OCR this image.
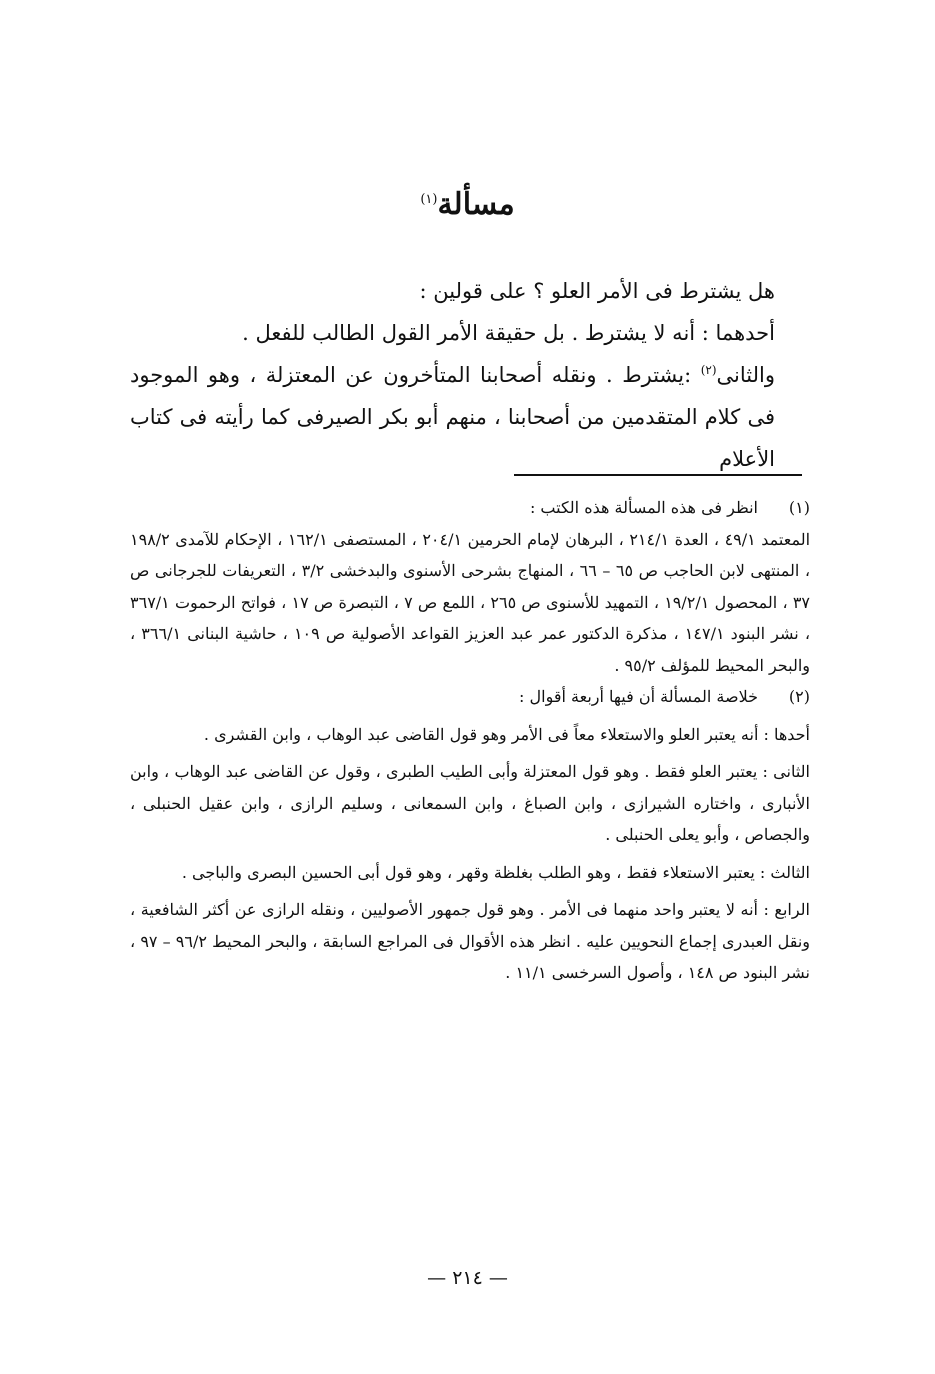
مسألة$^{(١)}$

هل يشترط فى الأمر العلو ؟ على قولين :

أحدهما : أنه لا يشترط . بل حقيقة الأمر القول الطالب للفعل .

والثانى$^{(٢)}$ :يشترط . ونقله أصحابنا المتأخرون عن المعتزلة ، وهو الموجود فى كلام المتقدمين من أصحابنا ، منهم أبو بكر الصيرفى كما رأيته فى كتاب الأعلام

(١)

انظر فى هذه المسألة هذه الكتب :

المعتمد ٤٩/١ ، العدة ٢١٤/١ ، البرهان لإمام الحرمين ٢٠٤/١ ، المستصفى ١٦٢/١ ، الإحكام للآمدى ١٩٨/٢ ، المنتهى لابن الحاجب ص ٦٥ – ٦٦ ، المنهاج بشرحى الأسنوى والبدخشى ٣/٢ ، التعريفات للجرجانى ص ٣٧ ، المحصول ١٩/٢/١ ، التمهيد للأسنوى ص ٢٦٥ ، اللمع ص ٧ ، التبصرة ص ١٧ ، فواتح الرحموت ٣٦٧/١ ، نشر البنود ١٤٧/١ ، مذكرة الدكتور عمر عبد العزيز القواعد الأصولية ص ١٠٩ ، حاشية البنانى ٣٦٦/١ ، والبحر المحيط للمؤلف ٩٥/٢ .

(٢)

خلاصة المسألة أن فيها أربعة أقوال :

أحدها : أنه يعتبر العلو والاستعلاء معاً فى الأمر وهو قول القاضى عبد الوهاب ، وابن القشرى .

الثانى : يعتبر العلو فقط . وهو قول المعتزلة وأبى الطيب الطبرى ، وقول عن القاضى عبد الوهاب ، وابن الأنبارى ، واختاره الشيرازى ، وابن الصباغ ، وابن السمعانى ، وسليم الرازى ، وابن عقيل الحنبلى ، والجصاص ، وأبو يعلى الحنبلى .

الثالث : يعتبر الاستعلاء فقط ، وهو الطلب بغلظة وقهر ، وهو قول أبى الحسين البصرى والباجى .

الرابع : أنه لا يعتبر واحد منهما فى الأمر . وهو قول جمهور الأصوليين ، ونقله الرازى عن أكثر الشافعية ، ونقل العبدرى إجماع النحويين عليه . انظر هذه الأقوال فى المراجع السابقة ، والبحر المحيط ٩٦/٢ – ٩٧ ، نشر البنود ص ١٤٨ ، وأصول السرخسى ١١/١ .

— ٢١٤ —
